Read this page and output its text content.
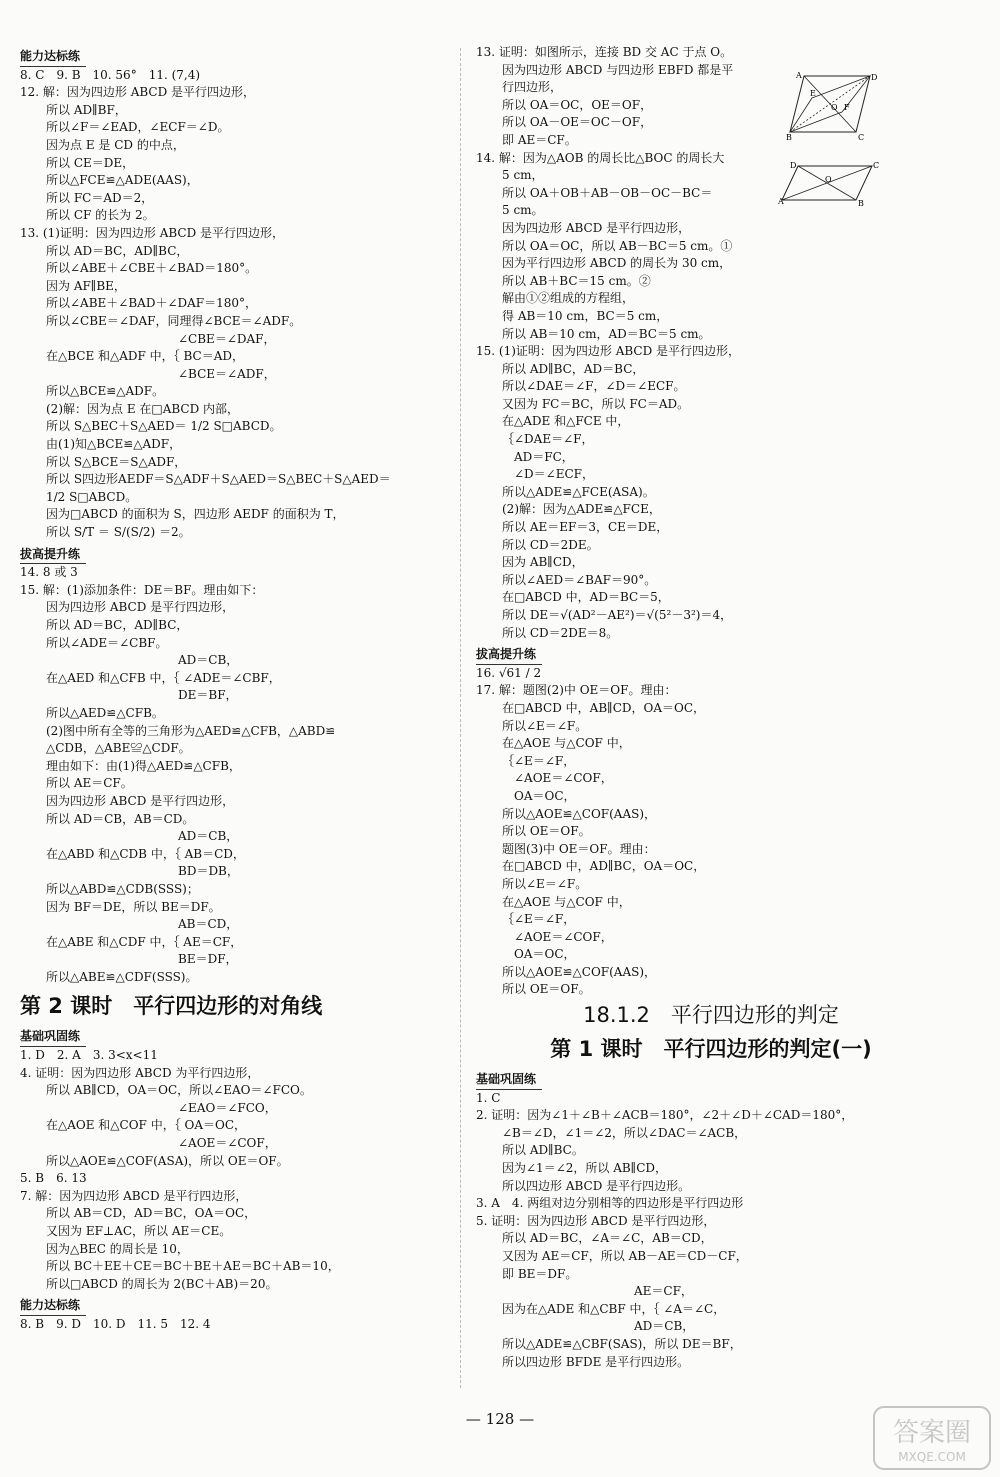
能力达标练
8. C　9. B　10. 56°　11. (7,4)
12. 解：因为四边形 ABCD 是平行四边形，
所以 AD∥BF，
所以∠F＝∠EAD，∠ECF＝∠D。
因为点 E 是 CD 的中点，
所以 CE＝DE，
所以△FCE≌△ADE(AAS)，
所以 FC＝AD＝2，
所以 CF 的长为 2。
13. (1)证明：因为四边形 ABCD 是平行四边形，
所以 AD＝BC，AD∥BC，
所以∠ABE＋∠CBE＋∠BAD＝180°。
因为 AF∥BE，
所以∠ABE＋∠BAD＋∠DAF＝180°，
所以∠CBE＝∠DAF，同理得∠BCE＝∠ADF。
　　　　　　　　　　　∠CBE＝∠DAF，
在△BCE 和△ADF 中，｛ BC＝AD，
　　　　　　　　　　　∠BCE＝∠ADF，
所以△BCE≌△ADF。
(2)解：因为点 E 在□ABCD 内部，
所以 S△BEC＋S△AED＝ 1/2 S□ABCD。
由(1)知△BCE≌△ADF，
所以 S△BCE＝S△ADF，
所以 S四边形AEDF＝S△ADF＋S△AED＝S△BEC＋S△AED＝
1/2 S□ABCD。
因为□ABCD 的面积为 S，四边形 AEDF 的面积为 T，
所以 S/T ＝ S/(S/2) ＝2。
拔高提升练
14. 8 或 3
15. 解：(1)添加条件：DE＝BF。理由如下：
因为四边形 ABCD 是平行四边形，
所以 AD＝BC，AD∥BC，
所以∠ADE＝∠CBF。
　　　　　　　　　　　AD＝CB，
在△AED 和△CFB 中，｛ ∠ADE＝∠CBF，
　　　　　　　　　　　DE＝BF，
所以△AED≌△CFB。
(2)图中所有全等的三角形为△AED≌△CFB，△ABD≌
△CDB，△ABE≌△CDF。
理由如下：由(1)得△AED≌△CFB，
所以 AE＝CF。
因为四边形 ABCD 是平行四边形，
所以 AD＝CB，AB＝CD。
　　　　　　　　　　　AD＝CB，
在△ABD 和△CDB 中，｛ AB＝CD，
　　　　　　　　　　　BD＝DB，
所以△ABD≌△CDB(SSS)；
因为 BF＝DE，所以 BE＝DF。
　　　　　　　　　　　AB＝CD，
在△ABE 和△CDF 中，｛ AE＝CF，
　　　　　　　　　　　BE＝DF，
所以△ABE≌△CDF(SSS)。
第 2 课时　平行四边形的对角线
基础巩固练
1. D　2. A　3. 3<x<11
4. 证明：因为四边形 ABCD 为平行四边形，
所以 AB∥CD，OA＝OC，所以∠EAO＝∠FCO。
　　　　　　　　　　　∠EAO＝∠FCO，
在△AOE 和△COF 中，｛ OA＝OC，
　　　　　　　　　　　∠AOE＝∠COF，
所以△AOE≌△COF(ASA)，所以 OE＝OF。
5. B　6. 13
7. 解：因为四边形 ABCD 是平行四边形，
所以 AB＝CD，AD＝BC，OA＝OC，
又因为 EF⊥AC，所以 AE＝CE。
因为△BEC 的周长是 10，
所以 BC＋EE＋CE＝BC＋BE＋AE＝BC＋AB＝10，
所以□ABCD 的周长为 2(BC＋AB)＝20。
能力达标练
8. B　9. D　10. D　11. 5　12. 4
13. 证明：如图所示，连接 BD 交 AC 于点 O。
因为四边形 ABCD 与四边形 EBFD 都是平
行四边形，
所以 OA＝OC，OE＝OF，
所以 OA－OE＝OC－OF，
即 AE＝CF。
14. 解：因为△AOB 的周长比△BOC 的周长大
5 cm，
所以 OA＋OB＋AB－OB－OC－BC＝
5 cm。
因为四边形 ABCD 是平行四边形，
所以 OA＝OC，所以 AB－BC＝5 cm。①
因为平行四边形 ABCD 的周长为 30 cm，
所以 AB＋BC＝15 cm。②
解由①②组成的方程组，
得 AB＝10 cm，BC＝5 cm，
所以 AB＝10 cm，AD＝BC＝5 cm。
15. (1)证明：因为四边形 ABCD 是平行四边形，
所以 AD∥BC，AD＝BC，
所以∠DAE＝∠F，∠D＝∠ECF。
又因为 FC＝BC，所以 FC＝AD。
在△ADE 和△FCE 中，
｛∠DAE＝∠F，
　AD＝FC，
　∠D＝∠ECF，
所以△ADE≌△FCE(ASA)。
(2)解：因为△ADE≌△FCE，
所以 AE＝EF＝3，CE＝DE，
所以 CD＝2DE。
因为 AB∥CD，
所以∠AED＝∠BAF＝90°。
在□ABCD 中，AD＝BC＝5，
所以 DE＝√(AD²－AE²)＝√(5²－3²)＝4，
所以 CD＝2DE＝8。
拔高提升练
16. √61 / 2
17. 解：题图(2)中 OE＝OF。理由：
在□ABCD 中，AB∥CD，OA＝OC，
所以∠E＝∠F。
在△AOE 与△COF 中，
｛∠E＝∠F，
　∠AOE＝∠COF，
　OA＝OC，
所以△AOE≌△COF(AAS)，
所以 OE＝OF。
题图(3)中 OE＝OF。理由：
在□ABCD 中，AD∥BC，OA＝OC，
所以∠E＝∠F。
在△AOE 与△COF 中，
｛∠E＝∠F，
　∠AOE＝∠COF，
　OA＝OC，
所以△AOE≌△COF(AAS)，
所以 OE＝OF。
18.1.2　平行四边形的判定
第 1 课时　平行四边形的判定(一)
基础巩固练
1. C
2. 证明：因为∠1＋∠B＋∠ACB＝180°，∠2＋∠D＋∠CAD＝180°，
∠B＝∠D，∠1＝∠2，所以∠DAC＝∠ACB，
所以 AD∥BC。
因为∠1＝∠2，所以 AB∥CD，
所以四边形 ABCD 是平行四边形。
3. A　4. 两组对边分别相等的四边形是平行四边形
5. 证明：因为四边形 ABCD 是平行四边形，
所以 AD＝BC，∠A＝∠C，AB＝CD，
又因为 AE＝CF，所以 AB－AE＝CD－CF，
即 BE＝DF。
　　　　　　　　　　　AE＝CF，
因为在△ADE 和△CBF 中，｛ ∠A＝∠C，
　　　　　　　　　　　AD＝CB，
所以△ADE≌△CBF(SAS)，所以 DE＝BF，
所以四边形 BFDE 是平行四边形。
A	D
E
O F
B	C
D	C
O
A	B
— 128 —	答案圈
MXQE.COM
